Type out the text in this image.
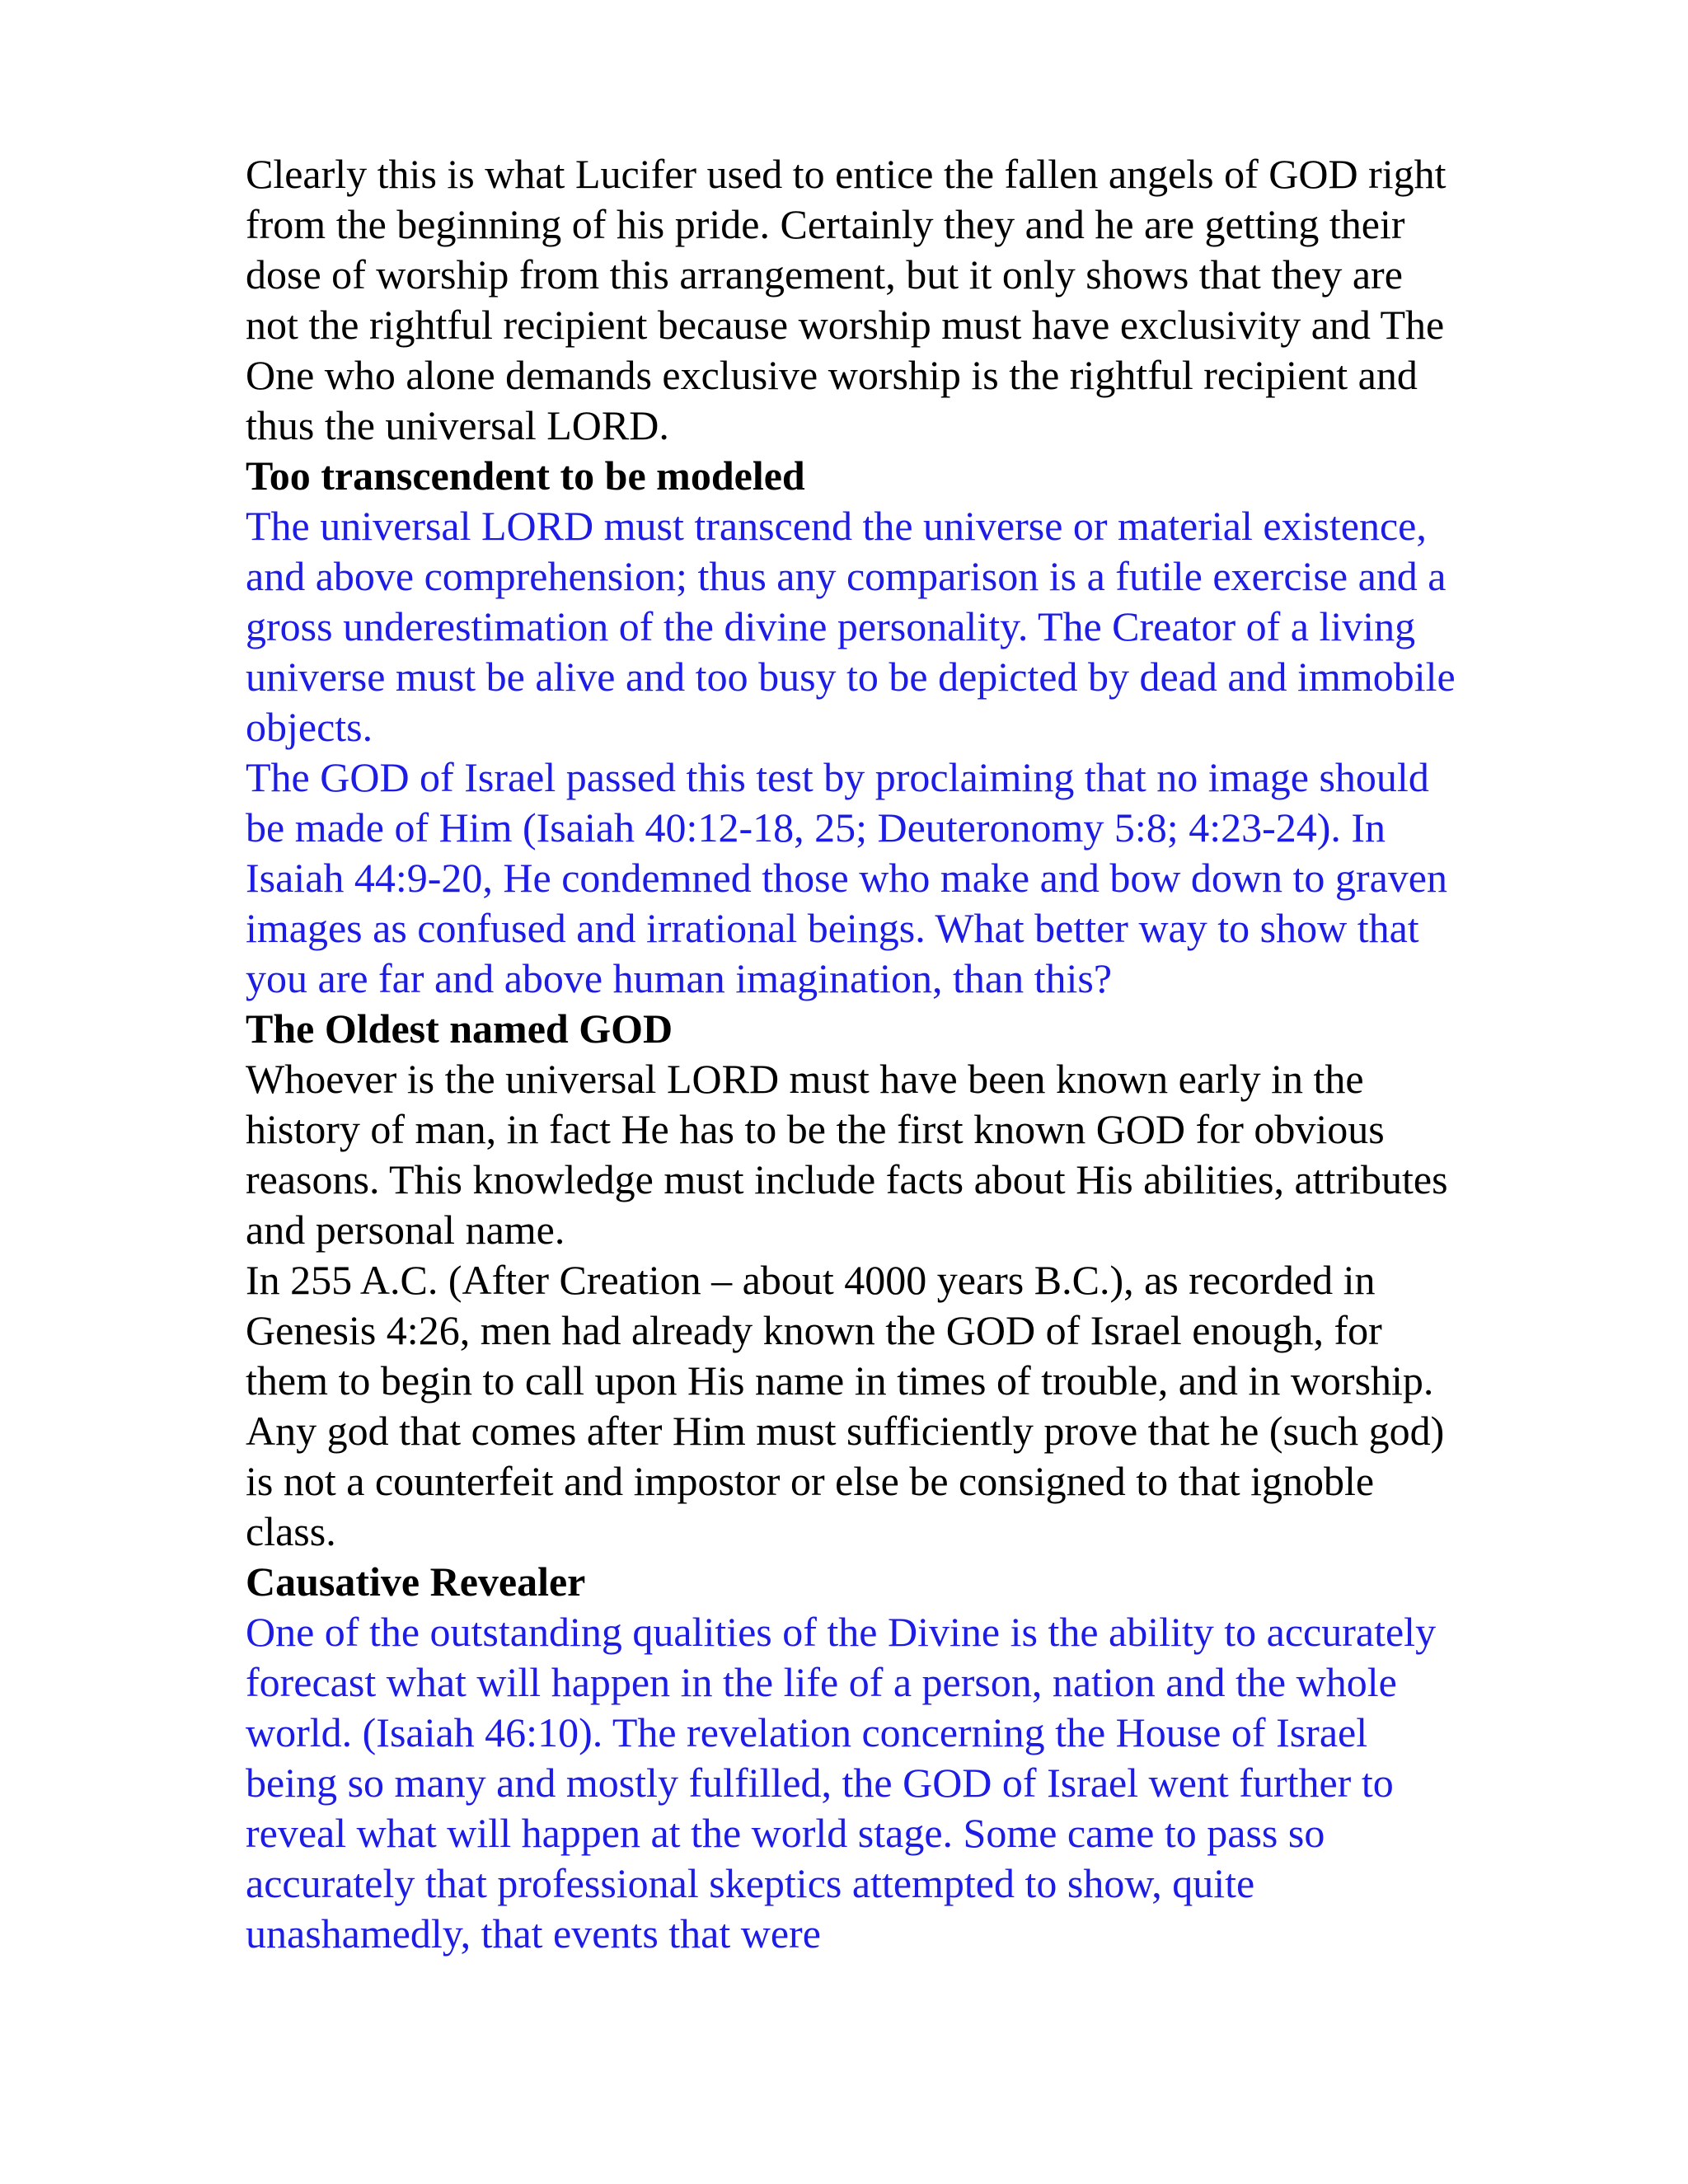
Clearly this is what Lucifer used to entice the fallen angels of GOD right from the beginning of his pride. Certainly they and he are getting their dose of worship from this arrangement, but it only shows that they are not the rightful recipient because worship must have exclusivity and The One who alone demands exclusive worship is the rightful recipient and thus the universal LORD.

Too transcendent to be modeled

The universal LORD must transcend the universe or material existence, and above comprehension; thus any comparison is a futile exercise and a gross underestimation of the divine personality. The Creator of a living universe must be alive and too busy to be depicted by dead and immobile objects.

The GOD of Israel passed this test by proclaiming that no image should be made of Him (Isaiah 40:12-18, 25; Deuteronomy 5:8; 4:23-24). In Isaiah 44:9-20, He condemned those who make and bow down to graven images as confused and irrational beings. What better way to show that you are far and above human imagination, than this?

The Oldest named GOD

Whoever is the universal LORD must have been known early in the history of man, in fact He has to be the first known GOD for obvious reasons. This knowledge must include facts about His abilities, attributes and personal name.

In 255 A.C. (After Creation – about 4000 years B.C.), as recorded in Genesis 4:26, men had already known the GOD of Israel enough, for them to begin to call upon His name in times of trouble, and in worship. Any god that comes after Him must sufficiently prove that he (such god) is not a counterfeit and impostor or else be consigned to that ignoble class.

Causative Revealer

One of the outstanding qualities of the Divine is the ability to accurately forecast what will happen in the life of a person, nation and the whole world. (Isaiah 46:10). The revelation concerning the House of Israel being so many and mostly fulfilled, the GOD of Israel went further to reveal what will happen at the world stage. Some came to pass so accurately that professional skeptics attempted to show, quite unashamedly, that events that were
